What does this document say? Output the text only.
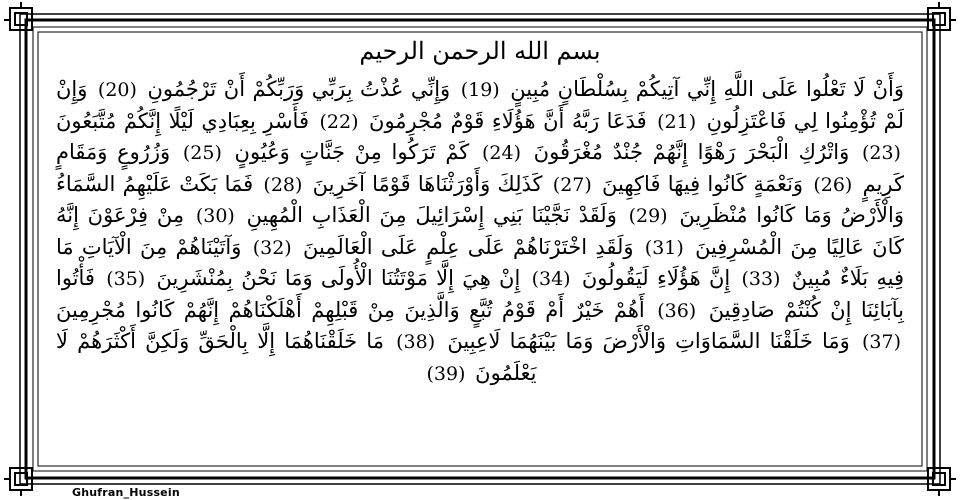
بسم الله الرحمن الرحيم
وَأَنْ لَا تَعْلُوا عَلَى اللَّهِ إِنِّي آتِيكُمْ بِسُلْطَانٍ مُبِينٍ (19) وَإِنِّي عُذْتُ بِرَبِّي وَرَبِّكُمْ أَنْ تَرْجُمُونِ (20) وَإِنْ لَمْ تُؤْمِنُوا لِي فَاعْتَزِلُونِ (21) فَدَعَا رَبَّهُ أَنَّ هَؤُلَاءِ قَوْمٌ مُجْرِمُونَ (22) فَأَسْرِ بِعِبَادِي لَيْلًا إِنَّكُمْ مُتَّبَعُونَ (23) وَاتْرُكِ الْبَحْرَ رَهْوًا إِنَّهُمْ جُنْدٌ مُغْرَقُونَ (24) كَمْ تَرَكُوا مِنْ جَنَّاتٍ وَعُيُونٍ (25) وَزُرُوعٍ وَمَقَامٍ كَرِيمٍ (26) وَنَعْمَةٍ كَانُوا فِيهَا فَاكِهِينَ (27) كَذَلِكَ وَأَوْرَثْنَاهَا قَوْمًا آخَرِينَ (28) فَمَا بَكَتْ عَلَيْهِمُ السَّمَاءُ وَالْأَرْضُ وَمَا كَانُوا مُنْظَرِينَ (29) وَلَقَدْ نَجَّيْنَا بَنِي إِسْرَائِيلَ مِنَ الْعَذَابِ الْمُهِينِ (30) مِنْ فِرْعَوْنَ إِنَّهُ كَانَ عَالِيًا مِنَ الْمُسْرِفِينَ (31) وَلَقَدِ اخْتَرْنَاهُمْ عَلَى عِلْمٍ عَلَى الْعَالَمِينَ (32) وَآتَيْنَاهُمْ مِنَ الْآيَاتِ مَا فِيهِ بَلَاءٌ مُبِينٌ (33) إِنَّ هَؤُلَاءِ لَيَقُولُونَ (34) إِنْ هِيَ إِلَّا مَوْتَتُنَا الْأُولَى وَمَا نَحْنُ بِمُنْشَرِينَ (35) فَأْتُوا بِآبَائِنَا إِنْ كُنْتُمْ صَادِقِينَ (36) أَهُمْ خَيْرٌ أَمْ قَوْمُ تُبَّعٍ وَالَّذِينَ مِنْ قَبْلِهِمْ أَهْلَكْنَاهُمْ إِنَّهُمْ كَانُوا مُجْرِمِينَ (37) وَمَا خَلَقْنَا السَّمَاوَاتِ وَالْأَرْضَ وَمَا بَيْنَهُمَا لَاعِبِينَ (38) مَا خَلَقْنَاهُمَا إِلَّا بِالْحَقِّ وَلَكِنَّ أَكْثَرَهُمْ لَا يَعْلَمُونَ (39)
Ghufran_Hussein
